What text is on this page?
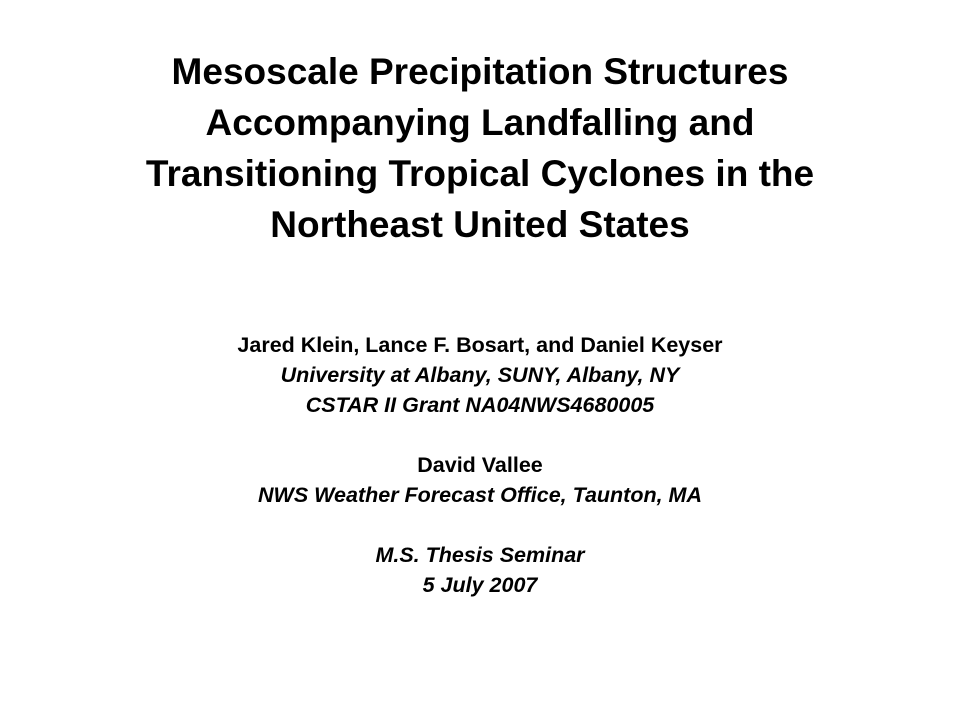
Mesoscale Precipitation Structures
Accompanying Landfalling and
Transitioning Tropical Cyclones in the
Northeast United States
Jared Klein, Lance F. Bosart, and Daniel Keyser
University at Albany, SUNY, Albany, NY
CSTAR II Grant NA04NWS4680005
David Vallee
NWS Weather Forecast Office, Taunton, MA
M.S. Thesis Seminar
5 July 2007
